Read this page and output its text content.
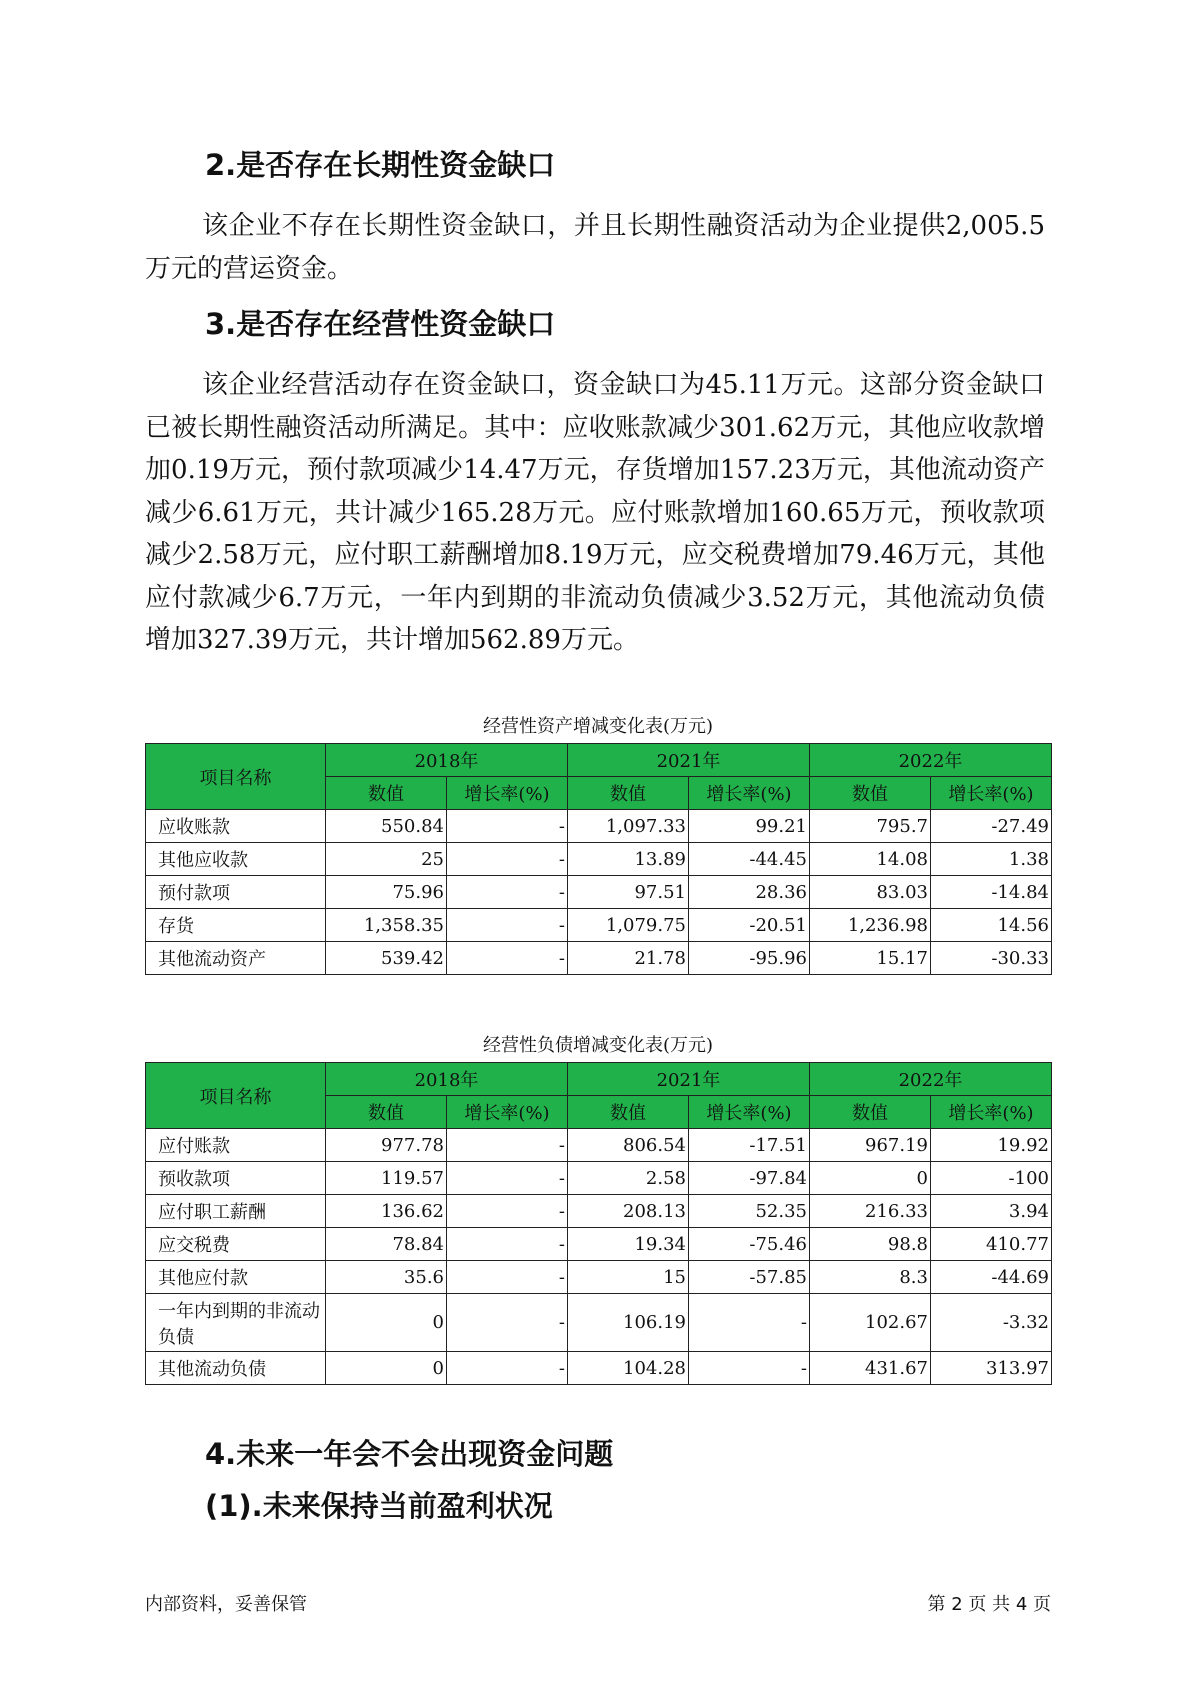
2.是否存在长期性资金缺口

该企业不存在长期性资金缺口，并且长期性融资活动为企业提供2,005.5万元的营运资金。

3.是否存在经营性资金缺口

该企业经营活动存在资金缺口，资金缺口为45.11万元。这部分资金缺口已被长期性融资活动所满足。其中：应收账款减少301.62万元，其他应收款增加0.19万元，预付款项减少14.47万元，存货增加157.23万元，其他流动资产减少6.61万元，共计减少165.28万元。应付账款增加160.65万元，预收款项减少2.58万元，应付职工薪酬增加8.19万元，应交税费增加79.46万元，其他应付款减少6.7万元，一年内到期的非流动负债减少3.52万元，其他流动负债增加327.39万元，共计增加562.89万元。

经营性资产增减变化表(万元)

项目名称	2018年		2021年		2022年	
	数值	增长率(%)	数值	增长率(%)	数值	增长率(%)
应收账款	550.84	-	1,097.33	99.21	795.7	-27.49
其他应收款	25	-	13.89	-44.45	14.08	1.38
预付款项	75.96	-	97.51	28.36	83.03	-14.84
存货	1,358.35	-	1,079.75	-20.51	1,236.98	14.56
其他流动资产	539.42	-	21.78	-95.96	15.17	-30.33

经营性负债增减变化表(万元)

项目名称	2018年		2021年		2022年	
	数值	增长率(%)	数值	增长率(%)	数值	增长率(%)
应付账款	977.78	-	806.54	-17.51	967.19	19.92
预收款项	119.57	-	2.58	-97.84	0	-100
应付职工薪酬	136.62	-	208.13	52.35	216.33	3.94
应交税费	78.84	-	19.34	-75.46	98.8	410.77
其他应付款	35.6	-	15	-57.85	8.3	-44.69
一年内到期的非流动负债	0	-	106.19	-	102.67	-3.32
其他流动负债	0	-	104.28	-	431.67	313.97
4.未来一年会不会出现资金问题
(1).未来保持当前盈利状况

内部资料，妥善保管	第 2 页 共 4 页
